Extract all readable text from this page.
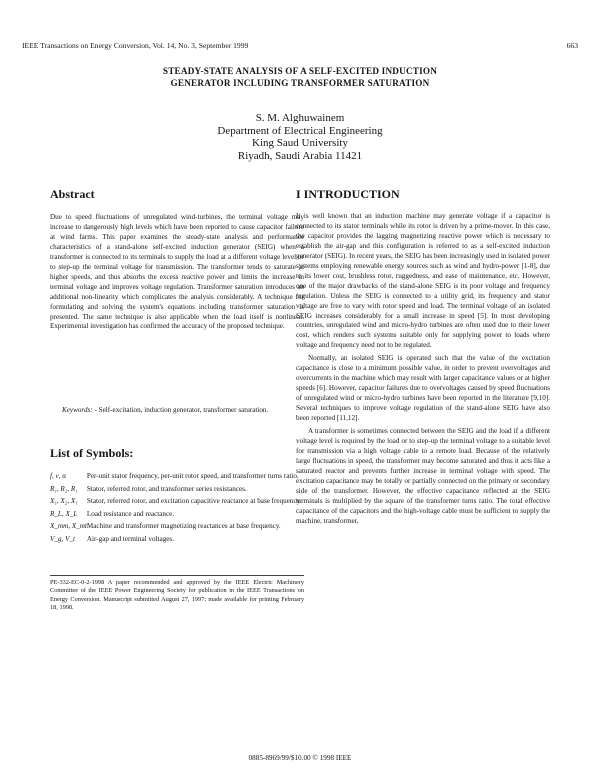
IEEE Transactions on Energy Conversion, Vol. 14, No. 3, September 1999	663
STEADY-STATE ANALYSIS OF A SELF-EXCITED INDUCTION
GENERATOR INCLUDING TRANSFORMER SATURATION
S. M. Alghuwainem
Department of Electrical Engineering
King Saud University
Riyadh, Saudi Arabia 11421
Abstract

Due to speed fluctuations of unregulated wind-turbines, the terminal voltage may increase to dangerously high levels which have been reported to cause capacitor failure at wind farms. This paper examines the steady-state analysis and performance characteristics of a stand-alone self-excited induction generator (SEIG) when a transformer is connected to its terminals to supply the load at a different voltage level or to step-up the terminal voltage for transmission. The transformer tends to saturate at higher speeds, and thus absorbs the excess reactive power and limits the increase in terminal voltage and improves voltage regulation. Transformer saturation introduces an additional non-linearity which complicates the analysis considerably. A technique for formulating and solving the system's equations including transformer saturation is presented. The same technique is also applicable when the load itself is nonlinear. Experimental investigation has confirmed the accuracy of the proposed technique.

Keywords: - Self-excitation, induction generator, transformer saturation.

List of Symbols:
f, ν, α	Per-unit stator frequency, per-unit rotor speed, and transformer turns ratio.
R₁, R₂, R₁	Stator, referred rotor, and transformer series resistances.
X₁, X₂, X₁	Stator, referred rotor, and excitation capacitive reactance at base frequency.
R_L, X_L	Load resistance and reactance.
X_mm, X_mt	Machine and transformer magnetizing reactances at base frequency.
V_g, V_t	Air-gap and terminal voltages.
PE-332-EC-0-2-1998 A paper recommended and approved by the IEEE Electric Machinery Committee of the IEEE Power Engineering Society for publication in the IEEE Transactions on Energy Conversion. Manuscript submitted August 27, 1997; made available for printing February 18, 1998.
I INTRODUCTION

It is well known that an induction machine may generate voltage if a capacitor is connected to its stator terminals while its rotor is driven by a prime-mover. In this case, the capacitor provides the lagging magnetizing reactive power which is necessary to establish the air-gap and this configuration is referred to as a self-excited induction generator (SEIG). In recent years, the SEIG has been increasingly used in isolated power systems employing renewable energy sources such as wind and hydro-power [1-8], due to its lower cost, brushless rotor, ruggedness, and ease of maintenance, etc. However, one of the major drawbacks of the stand-alone SEIG is its poor voltage and frequency regulation. Unless the SEIG is connected to a utility grid, its frequency and stator voltage are free to vary with rotor speed and load. The terminal voltage of an isolated SEIG increases considerably for a small increase in speed [5]. In most developing countries, unregulated wind and micro-hydro turbines are often used due to their lower cost, which renders such systems suitable only for supplying power to loads where voltage and frequency need not to be regulated.

Normally, an isolated SEIG is operated such that the value of the excitation capacitance is close to a minimum possible value, in order to prevent overvoltages and overcurrents in the machine which may result with larger capacitance values or at higher speeds [6]. However, capacitor failures due to overvoltages caused by speed fluctuations of unregulated wind or micro-hydro turbines have been reported in the literature [9,10]. Several techniques to improve voltage regulation of the stand-alone SEIG have also been reported [11,12].

A transformer is sometimes connected between the SEIG and the load if a different voltage level is required by the load or to step-up the terminal voltage to a suitable level for transmission via a high voltage cable to a remote load. Because of the relatively large fluctuations in speed, the transformer may become saturated and thus it acts like a saturated reactor and prevents further increase in terminal voltage with speed. The excitation capacitance may be totally or partially connected on the primary or secondary side of the transformer. However, the effective capacitance reflected at the SEIG terminals is multiplied by the square of the transformer turns ratio. The total effective capacitance of the capacitors and the high-voltage cable must be sufficient to supply the machine, transformer,

0885-8969/99/$10.00 © 1998 IEEE
